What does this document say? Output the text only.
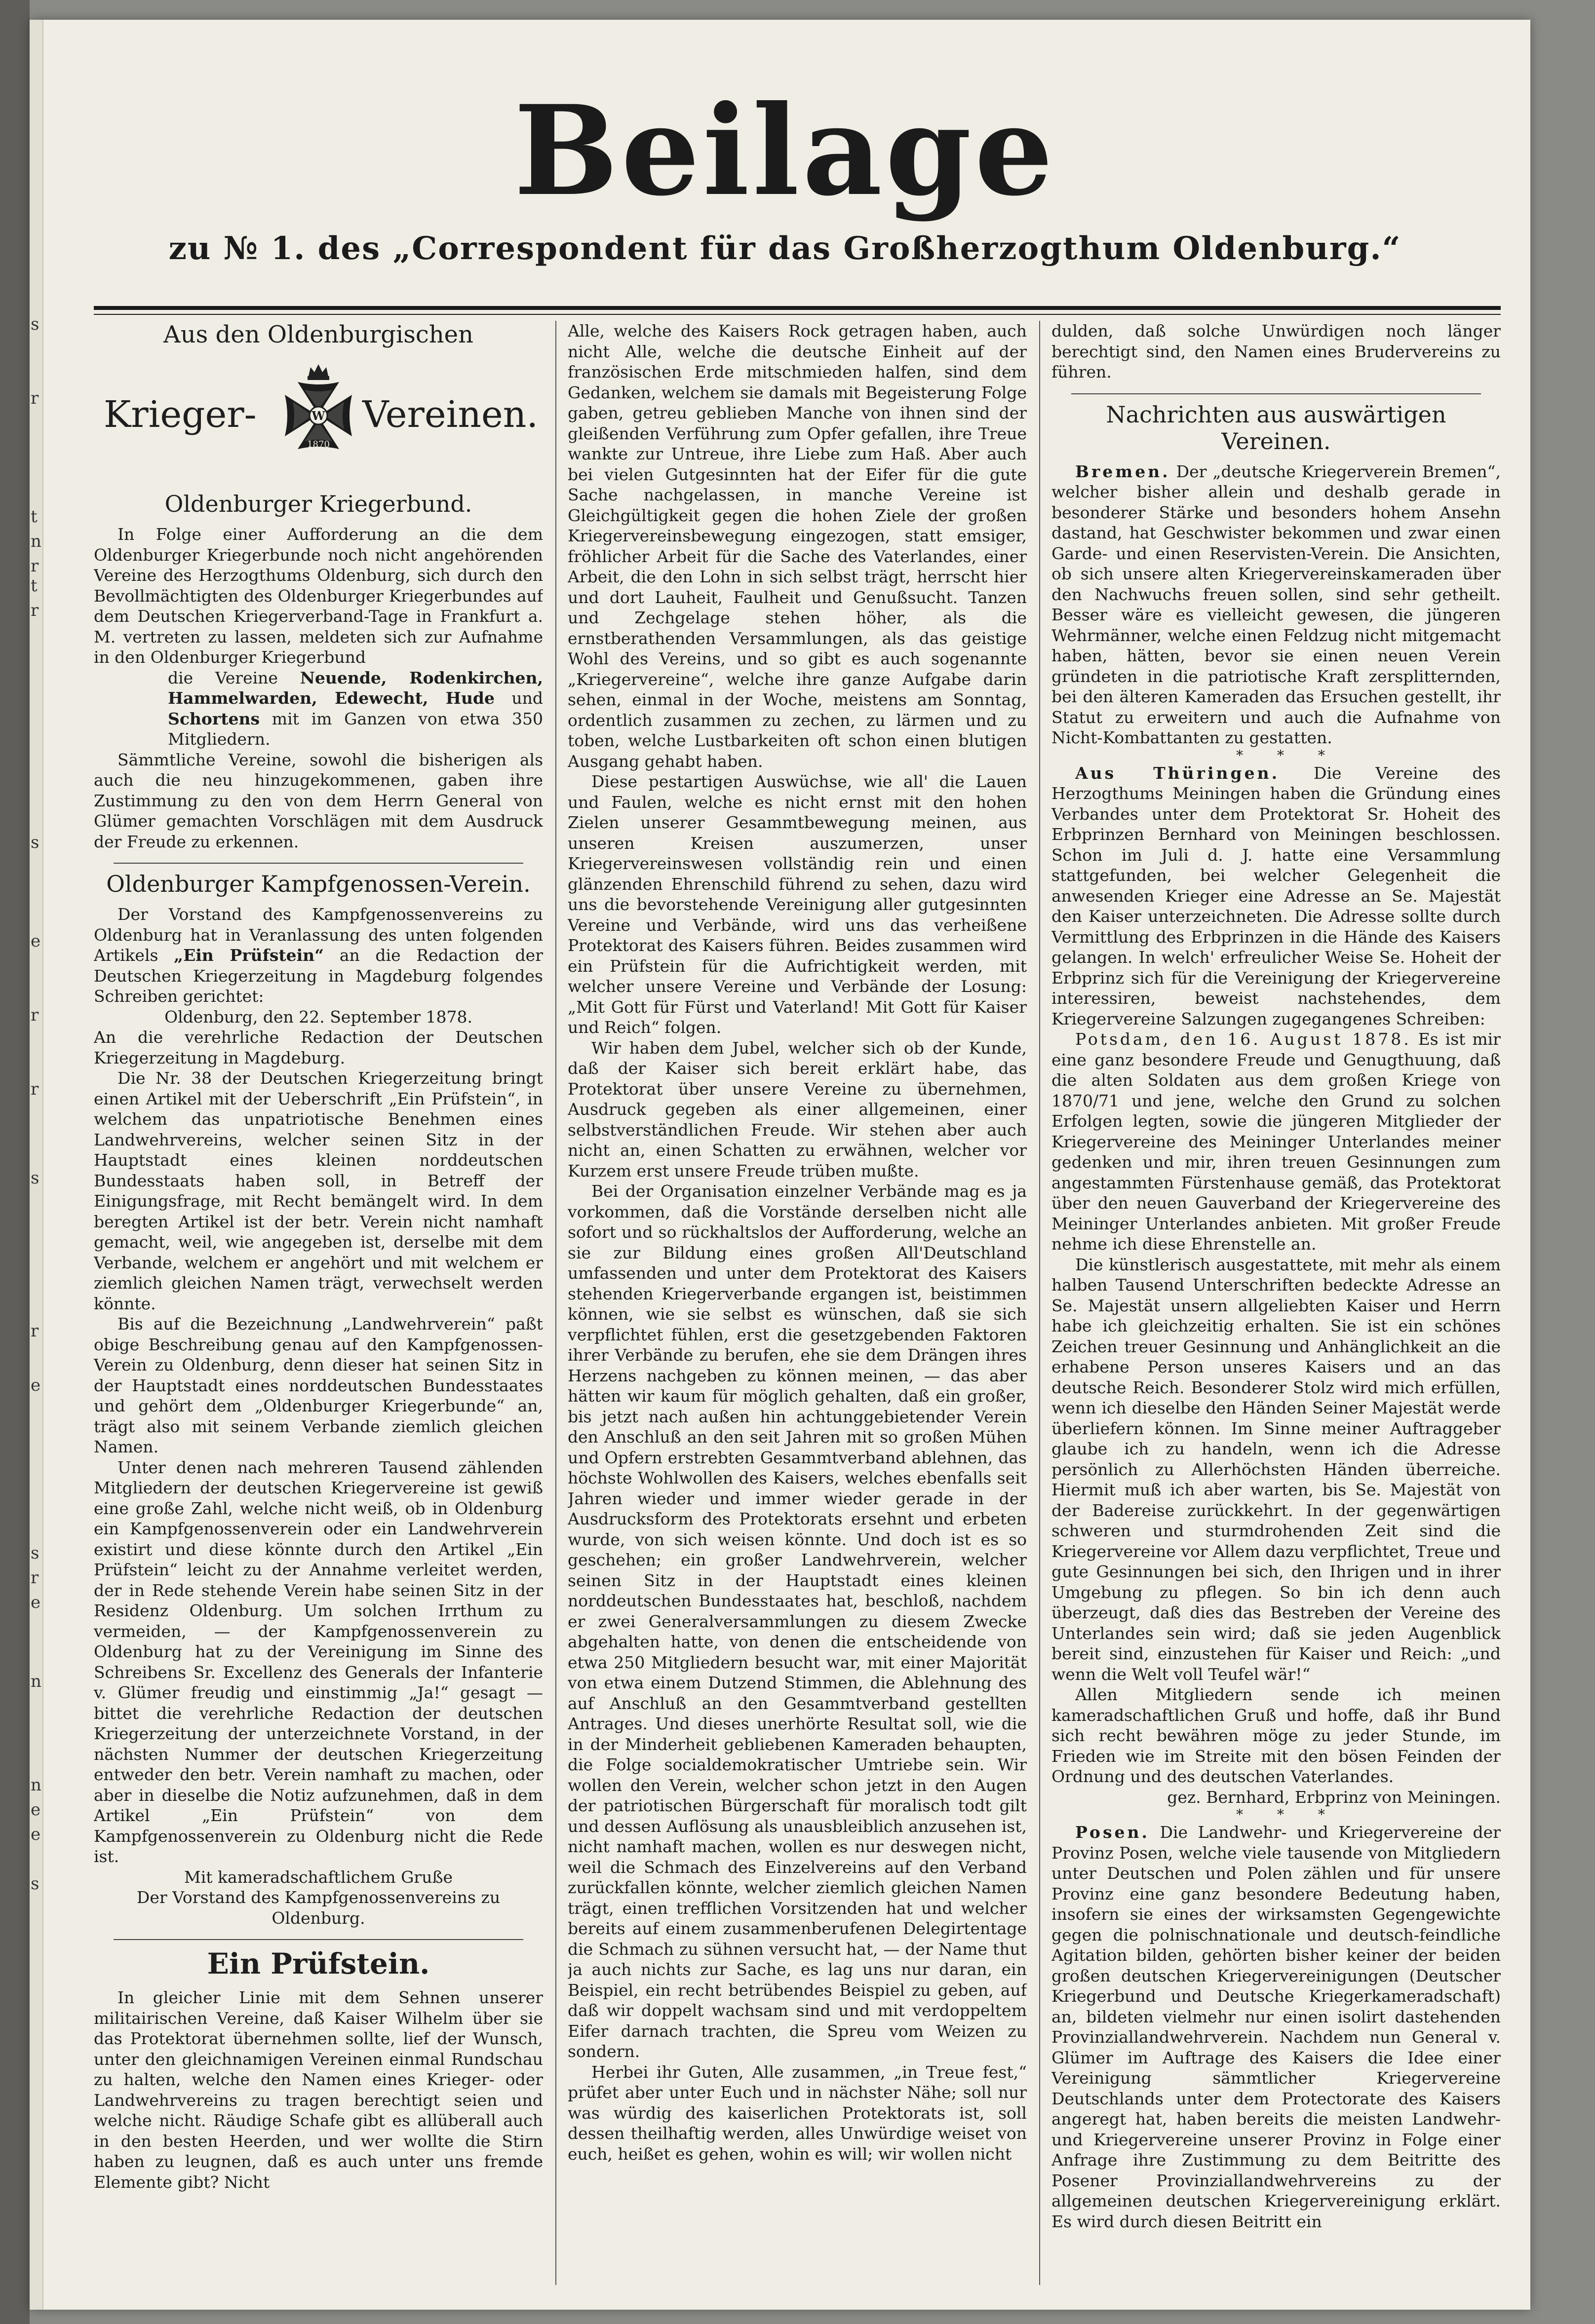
s
r
t
n
r
t
r
s
e
r
r
s
r
e
s
r
e
n
n
e
e
s
Beilage
zu № 1. des „Correspondent für das Großherzogthum Oldenburg.“
Aus den Oldenburgischen
Krieger-	Vereinen.
W
1870
Oldenburger Kriegerbund.

In Folge einer Aufforderung an die dem Oldenburger Kriegerbunde noch nicht angehörenden Vereine des Herzogthums Oldenburg, sich durch den Bevollmächtigten des Oldenburger Kriegerbundes auf dem Deutschen Kriegerverband-Tage in Frankfurt a. M. vertreten zu lassen, meldeten sich zur Aufnahme in den Oldenburger Kriegerbund

die Vereine Neuende, Rodenkirchen, Hammelwarden, Edewecht, Hude und Schortens mit im Ganzen von etwa 350 Mitgliedern.

Sämmtliche Vereine, sowohl die bisherigen als auch die neu hinzugekommenen, gaben ihre Zustimmung zu den von dem Herrn General von Glümer gemachten Vorschlägen mit dem Ausdruck der Freude zu erkennen.

Oldenburger Kampfgenossen-Verein.

Der Vorstand des Kampfgenossenvereins zu Oldenburg hat in Veranlassung des unten folgenden Artikels „Ein Prüfstein“ an die Redaction der Deutschen Kriegerzeitung in Magdeburg folgendes Schreiben gerichtet:

Oldenburg, den 22. September 1878.

An die verehrliche Redaction der Deutschen Kriegerzeitung in Magdeburg.

Die Nr. 38 der Deutschen Kriegerzeitung bringt einen Artikel mit der Ueberschrift „Ein Prüfstein“, in welchem das unpatriotische Benehmen eines Landwehrvereins, welcher seinen Sitz in der Hauptstadt eines kleinen norddeutschen Bundesstaats haben soll, in Betreff der Einigungsfrage, mit Recht bemängelt wird. In dem beregten Artikel ist der betr. Verein nicht namhaft gemacht, weil, wie angegeben ist, derselbe mit dem Verbande, welchem er angehört und mit welchem er ziemlich gleichen Namen trägt, verwechselt werden könnte.

Bis auf die Bezeichnung „Landwehrverein“ paßt obige Beschreibung genau auf den Kampfgenossen-Verein zu Oldenburg, denn dieser hat seinen Sitz in der Hauptstadt eines norddeutschen Bundesstaates und gehört dem „Oldenburger Kriegerbunde“ an, trägt also mit seinem Verbande ziemlich gleichen Namen.

Unter denen nach mehreren Tausend zählenden Mitgliedern der deutschen Kriegervereine ist gewiß eine große Zahl, welche nicht weiß, ob in Oldenburg ein Kampfgenossenverein oder ein Landwehrverein existirt und diese könnte durch den Artikel „Ein Prüfstein“ leicht zu der Annahme verleitet werden, der in Rede stehende Verein habe seinen Sitz in der Residenz Oldenburg. Um solchen Irrthum zu vermeiden, — der Kampfgenossenverein zu Oldenburg hat zu der Vereinigung im Sinne des Schreibens Sr. Excellenz des Generals der Infanterie v. Glümer freudig und einstimmig „Ja!“ gesagt — bittet die verehrliche Redaction der deutschen Kriegerzeitung der unterzeichnete Vorstand, in der nächsten Nummer der deutschen Kriegerzeitung entweder den betr. Verein namhaft zu machen, oder aber in dieselbe die Notiz aufzunehmen, daß in dem Artikel „Ein Prüfstein“ von dem Kampfgenossenverein zu Oldenburg nicht die Rede ist.

Mit kameradschaftlichem Gruße

Der Vorstand des Kampfgenossenvereins zu Oldenburg.

Ein Prüfstein.

In gleicher Linie mit dem Sehnen unserer militairischen Vereine, daß Kaiser Wilhelm über sie das Protektorat übernehmen sollte, lief der Wunsch, unter den gleichnamigen Vereinen einmal Rundschau zu halten, welche den Namen eines Krieger- oder Landwehrvereins zu tragen berechtigt seien und welche nicht. Räudige Schafe gibt es allüberall auch in den besten Heerden, und wer wollte die Stirn haben zu leugnen, daß es auch unter uns fremde Elemente gibt? Nicht

Alle, welche des Kaisers Rock getragen haben, auch nicht Alle, welche die deutsche Einheit auf der französischen Erde mitschmieden halfen, sind dem Gedanken, welchem sie damals mit Begeisterung Folge gaben, getreu geblieben Manche von ihnen sind der gleißenden Verführung zum Opfer gefallen, ihre Treue wankte zur Untreue, ihre Liebe zum Haß. Aber auch bei vielen Gutgesinnten hat der Eifer für die gute Sache nachgelassen, in manche Vereine ist Gleichgültigkeit gegen die hohen Ziele der großen Kriegervereinsbewegung eingezogen, statt emsiger, fröhlicher Arbeit für die Sache des Vaterlandes, einer Arbeit, die den Lohn in sich selbst trägt, herrscht hier und dort Lauheit, Faulheit und Genußsucht. Tanzen und Zechgelage stehen höher, als die ernstberathenden Versammlungen, als das geistige Wohl des Vereins, und so gibt es auch sogenannte „Kriegervereine“, welche ihre ganze Aufgabe darin sehen, einmal in der Woche, meistens am Sonntag, ordentlich zusammen zu zechen, zu lärmen und zu toben, welche Lustbarkeiten oft schon einen blutigen Ausgang gehabt haben.

Diese pestartigen Auswüchse, wie all' die Lauen und Faulen, welche es nicht ernst mit den hohen Zielen unserer Gesammtbewegung meinen, aus unseren Kreisen auszumerzen, unser Kriegervereinswesen vollständig rein und einen glänzenden Ehrenschild führend zu sehen, dazu wird uns die bevorstehende Vereinigung aller gutgesinnten Vereine und Verbände, wird uns das verheißene Protektorat des Kaisers führen. Beides zusammen wird ein Prüfstein für die Aufrichtigkeit werden, mit welcher unsere Vereine und Verbände der Losung: „Mit Gott für Fürst und Vaterland! Mit Gott für Kaiser und Reich“ folgen.

Wir haben dem Jubel, welcher sich ob der Kunde, daß der Kaiser sich bereit erklärt habe, das Protektorat über unsere Vereine zu übernehmen, Ausdruck gegeben als einer allgemeinen, einer selbstverständlichen Freude. Wir stehen aber auch nicht an, einen Schatten zu erwähnen, welcher vor Kurzem erst unsere Freude trüben mußte.

Bei der Organisation einzelner Verbände mag es ja vorkommen, daß die Vorstände derselben nicht alle sofort und so rückhaltslos der Aufforderung, welche an sie zur Bildung eines großen All'Deutschland umfassenden und unter dem Protektorat des Kaisers stehenden Kriegerverbande ergangen ist, beistimmen können, wie sie selbst es wünschen, daß sie sich verpflichtet fühlen, erst die gesetzgebenden Faktoren ihrer Verbände zu berufen, ehe sie dem Drängen ihres Herzens nachgeben zu können meinen, — das aber hätten wir kaum für möglich gehalten, daß ein großer, bis jetzt nach außen hin achtunggebietender Verein den Anschluß an den seit Jahren mit so großen Mühen und Opfern erstrebten Gesammtverband ablehnen, das höchste Wohlwollen des Kaisers, welches ebenfalls seit Jahren wieder und immer wieder gerade in der Ausdrucksform des Protektorats ersehnt und erbeten wurde, von sich weisen könnte. Und doch ist es so geschehen; ein großer Landwehrverein, welcher seinen Sitz in der Hauptstadt eines kleinen norddeutschen Bundesstaates hat, beschloß, nachdem er zwei Generalversammlungen zu diesem Zwecke abgehalten hatte, von denen die entscheidende von etwa 250 Mitgliedern besucht war, mit einer Majorität von etwa einem Dutzend Stimmen, die Ablehnung des auf Anschluß an den Gesammtverband gestellten Antrages. Und dieses unerhörte Resultat soll, wie die in der Minderheit gebliebenen Kameraden behaupten, die Folge socialdemokratischer Umtriebe sein. Wir wollen den Verein, welcher schon jetzt in den Augen der patriotischen Bürgerschaft für moralisch todt gilt und dessen Auflösung als unausbleiblich anzusehen ist, nicht namhaft machen, wollen es nur deswegen nicht, weil die Schmach des Einzelvereins auf den Verband zurückfallen könnte, welcher ziemlich gleichen Namen trägt, einen trefflichen Vorsitzenden hat und welcher bereits auf einem zusammenberufenen Delegirtentage die Schmach zu sühnen versucht hat, — der Name thut ja auch nichts zur Sache, es lag uns nur daran, ein Beispiel, ein recht betrübendes Beispiel zu geben, auf daß wir doppelt wachsam sind und mit verdoppeltem Eifer darnach trachten, die Spreu vom Weizen zu sondern.

Herbei ihr Guten, Alle zusammen, „in Treue fest,“ prüfet aber unter Euch und in nächster Nähe; soll nur was würdig des kaiserlichen Protektorats ist, soll dessen theilhaftig werden, alles Unwürdige weiset von euch, heißet es gehen, wohin es will; wir wollen nicht

dulden, daß solche Unwürdigen noch länger berechtigt sind, den Namen eines Brudervereins zu führen.

Nachrichten aus auswärtigen Vereinen.

Bremen. Der „deutsche Kriegerverein Bremen“, welcher bisher allein und deshalb gerade in besonderer Stärke und besonders hohem Ansehn dastand, hat Geschwister bekommen und zwar einen Garde- und einen Reservisten-Verein. Die Ansichten, ob sich unsere alten Kriegervereinskameraden über den Nachwuchs freuen sollen, sind sehr getheilt. Besser wäre es vielleicht gewesen, die jüngeren Wehrmänner, welche einen Feldzug nicht mitgemacht haben, hätten, bevor sie einen neuen Verein gründeten in die patriotische Kraft zersplitternden, bei den älteren Kameraden das Ersuchen gestellt, ihr Statut zu erweitern und auch die Aufnahme von Nicht-Kombattanten zu gestatten.

* * *

Aus Thüringen. Die Vereine des Herzogthums Meiningen haben die Gründung eines Verbandes unter dem Protektorat Sr. Hoheit des Erbprinzen Bernhard von Meiningen beschlossen. Schon im Juli d. J. hatte eine Versammlung stattgefunden, bei welcher Gelegenheit die anwesenden Krieger eine Adresse an Se. Majestät den Kaiser unterzeichneten. Die Adresse sollte durch Vermittlung des Erbprinzen in die Hände des Kaisers gelangen. In welch' erfreulicher Weise Se. Hoheit der Erbprinz sich für die Vereinigung der Kriegervereine interessiren, beweist nachstehendes, dem Kriegervereine Salzungen zugegangenes Schreiben:

Potsdam, den 16. August 1878. Es ist mir eine ganz besondere Freude und Genugthuung, daß die alten Soldaten aus dem großen Kriege von 1870/71 und jene, welche den Grund zu solchen Erfolgen legten, sowie die jüngeren Mitglieder der Kriegervereine des Meininger Unterlandes meiner gedenken und mir, ihren treuen Gesinnungen zum angestammten Fürstenhause gemäß, das Protektorat über den neuen Gauverband der Kriegervereine des Meininger Unterlandes anbieten. Mit großer Freude nehme ich diese Ehrenstelle an.

Die künstlerisch ausgestattete, mit mehr als einem halben Tausend Unterschriften bedeckte Adresse an Se. Majestät unsern allgeliebten Kaiser und Herrn habe ich gleichzeitig erhalten. Sie ist ein schönes Zeichen treuer Gesinnung und Anhänglichkeit an die erhabene Person unseres Kaisers und an das deutsche Reich. Besonderer Stolz wird mich erfüllen, wenn ich dieselbe den Händen Seiner Majestät werde überliefern können. Im Sinne meiner Auftraggeber glaube ich zu handeln, wenn ich die Adresse persönlich zu Allerhöchsten Händen überreiche. Hiermit muß ich aber warten, bis Se. Majestät von der Badereise zurückkehrt. In der gegenwärtigen schweren und sturmdrohenden Zeit sind die Kriegervereine vor Allem dazu verpflichtet, Treue und gute Gesinnungen bei sich, den Ihrigen und in ihrer Umgebung zu pflegen. So bin ich denn auch überzeugt, daß dies das Bestreben der Vereine des Unterlandes sein wird; daß sie jeden Augenblick bereit sind, einzustehen für Kaiser und Reich: „und wenn die Welt voll Teufel wär!“

Allen Mitgliedern sende ich meinen kameradschaftlichen Gruß und hoffe, daß ihr Bund sich recht bewähren möge zu jeder Stunde, im Frieden wie im Streite mit den bösen Feinden der Ordnung und des deutschen Vaterlandes.

gez. Bernhard, Erbprinz von Meiningen.

* * *

Posen. Die Landwehr- und Kriegervereine der Provinz Posen, welche viele tausende von Mitgliedern unter Deutschen und Polen zählen und für unsere Provinz eine ganz besondere Bedeutung haben, insofern sie eines der wirksamsten Gegengewichte gegen die polnischnationale und deutsch-feindliche Agitation bilden, gehörten bisher keiner der beiden großen deutschen Kriegervereinigungen (Deutscher Kriegerbund und Deutsche Kriegerkameradschaft) an, bildeten vielmehr nur einen isolirt dastehenden Provinziallandwehrverein. Nachdem nun General v. Glümer im Auftrage des Kaisers die Idee einer Vereinigung sämmtlicher Kriegervereine Deutschlands unter dem Protectorate des Kaisers angeregt hat, haben bereits die meisten Landwehr- und Kriegervereine unserer Provinz in Folge einer Anfrage ihre Zustimmung zu dem Beitritte des Posener Provinziallandwehrvereins zu der allgemeinen deutschen Kriegervereinigung erklärt. Es wird durch diesen Beitritt ein
